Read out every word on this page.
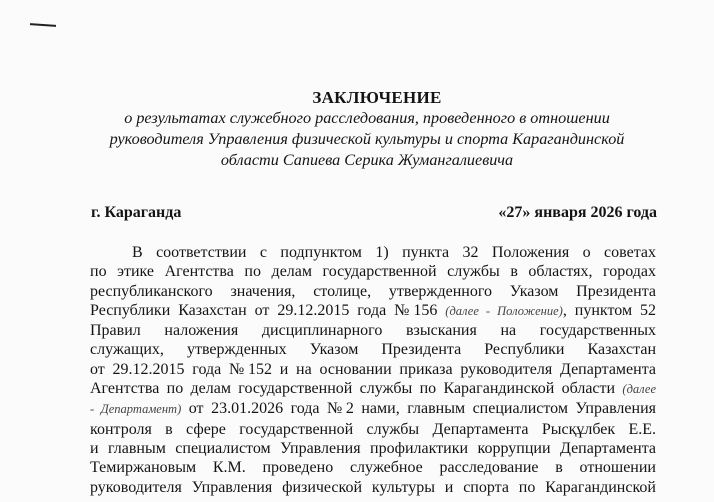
ЗАКЛЮЧЕНИЕ
о результатах служебного расследования, проведенного в отношении
руководителя Управления физической культуры и спорта Карагандинской
области Сапиева Серика Жумангалиевича
г. Караганда	«27» января 2026 года
В соответствии с подпунктом 1) пункта 32 Положения о советах
по этике Агентства по делам государственной службы в областях, городах
республиканского значения, столице, утвержденного Указом Президента
Республики Казахстан от 29.12.2015 года №156 (далее - Положение), пунктом 52
Правил наложения дисциплинарного взыскания на государственных
служащих, утвержденных Указом Президента Республики Казахстан
от 29.12.2015 года №152 и на основании приказа руководителя Департамента
Агентства по делам государственной службы по Карагандинской области (далее
- Департамент) от 23.01.2026 года №2 нами, главным специалистом Управления
контроля в сфере государственной службы Департамента Рысқұлбек Е.Е.
и главным специалистом Управления профилактики коррупции Департамента
Темиржановым К.М. проведено служебное расследование в отношении
руководителя Управления физической культуры и спорта по Карагандинской
